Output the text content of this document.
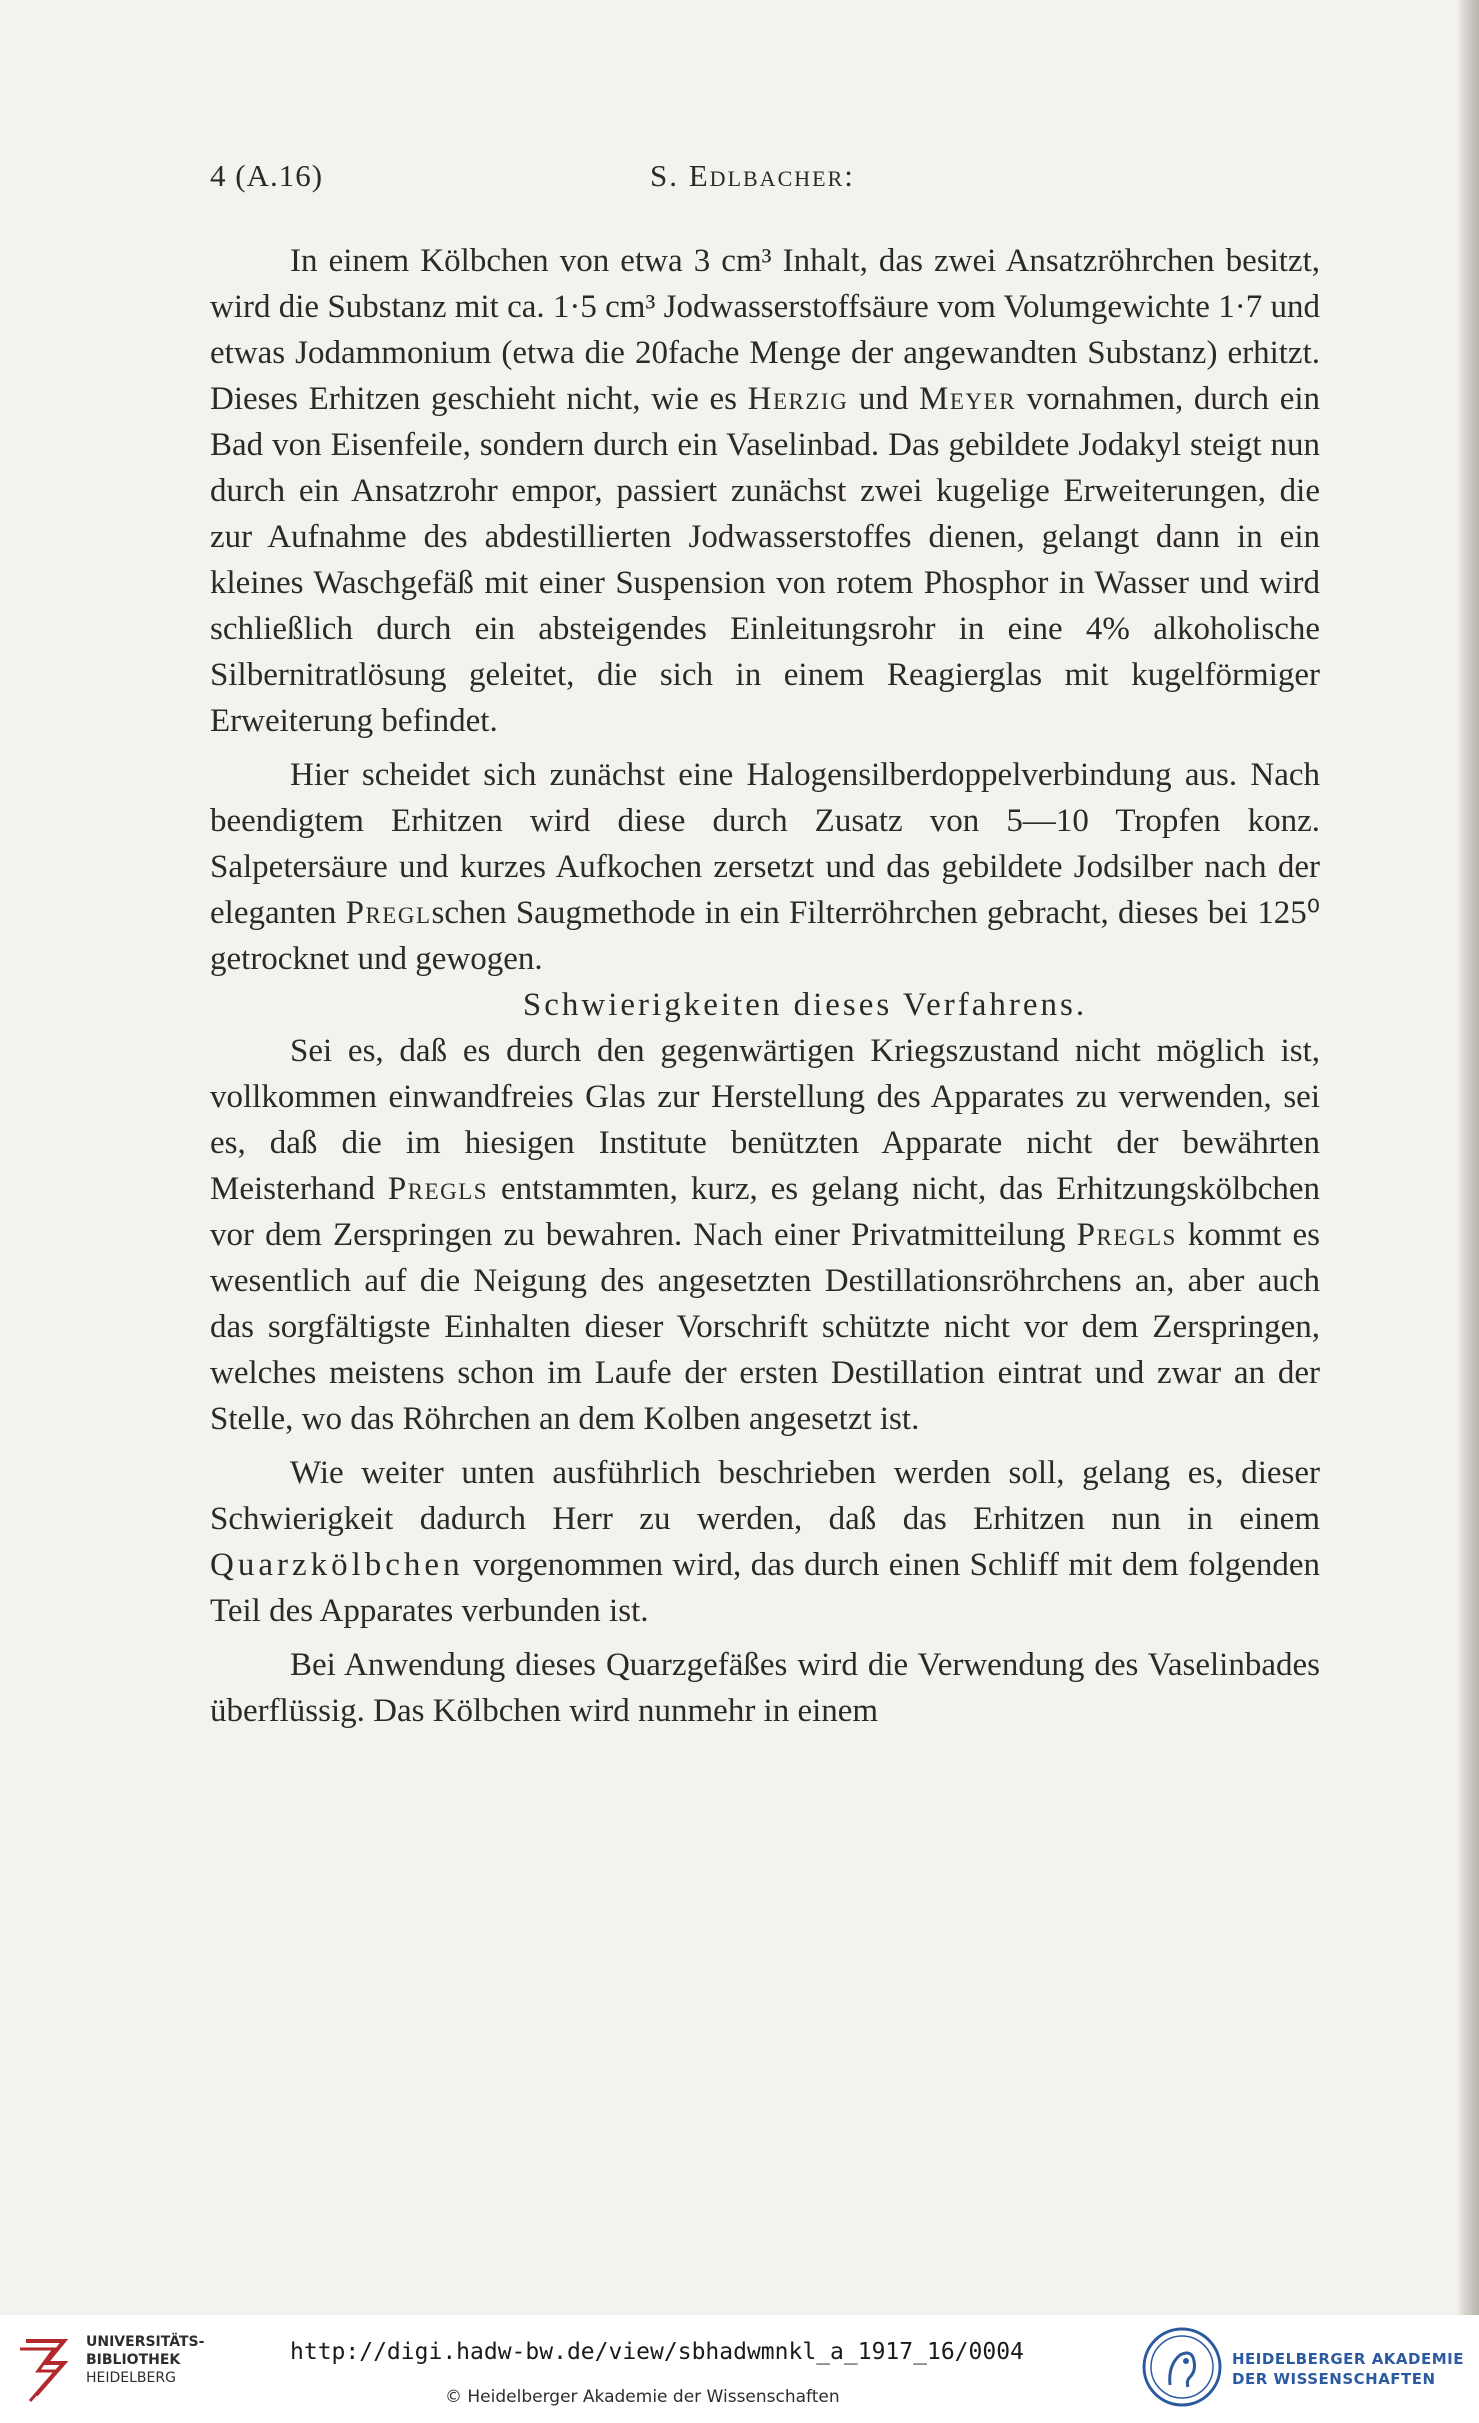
4 (A.16)	S. Edlbacher:

In einem Kölbchen von etwa 3 cm³ Inhalt, das zwei Ansatzröhrchen besitzt, wird die Substanz mit ca. 1·5 cm³ Jodwasserstoffsäure vom Volumgewichte 1·7 und etwas Jodammonium (etwa die 20fache Menge der angewandten Substanz) erhitzt. Dieses Erhitzen geschieht nicht, wie es Herzig und Meyer vornahmen, durch ein Bad von Eisenfeile, sondern durch ein Vaselinbad. Das gebildete Jodakyl steigt nun durch ein Ansatzrohr empor, passiert zunächst zwei kugelige Erweiterungen, die zur Aufnahme des abdestillierten Jodwasserstoffes dienen, gelangt dann in ein kleines Waschgefäß mit einer Suspension von rotem Phosphor in Wasser und wird schließlich durch ein absteigendes Einleitungsrohr in eine 4% alkoholische Silbernitratlösung geleitet, die sich in einem Reagierglas mit kugelförmiger Erweiterung befindet.

Hier scheidet sich zunächst eine Halogensilberdoppelverbindung aus. Nach beendigtem Erhitzen wird diese durch Zusatz von 5—10 Tropfen konz. Salpetersäure und kurzes Aufkochen zersetzt und das gebildete Jodsilber nach der eleganten Preglschen Saugmethode in ein Filterröhrchen gebracht, dieses bei 125⁰ getrocknet und gewogen.

Schwierigkeiten dieses Verfahrens.

Sei es, daß es durch den gegenwärtigen Kriegszustand nicht möglich ist, vollkommen einwandfreies Glas zur Herstellung des Apparates zu verwenden, sei es, daß die im hiesigen Institute benützten Apparate nicht der bewährten Meisterhand Pregls entstammten, kurz, es gelang nicht, das Erhitzungskölbchen vor dem Zerspringen zu bewahren. Nach einer Privatmitteilung Pregls kommt es wesentlich auf die Neigung des angesetzten Destillationsröhrchens an, aber auch das sorgfältigste Einhalten dieser Vorschrift schützte nicht vor dem Zerspringen, welches meistens schon im Laufe der ersten Destillation eintrat und zwar an der Stelle, wo das Röhrchen an dem Kolben angesetzt ist.

Wie weiter unten ausführlich beschrieben werden soll, gelang es, dieser Schwierigkeit dadurch Herr zu werden, daß das Erhitzen nun in einem Quarzkölbchen vorgenommen wird, das durch einen Schliff mit dem folgenden Teil des Apparates verbunden ist.

Bei Anwendung dieses Quarzgefäßes wird die Verwendung des Vaselinbades überflüssig. Das Kölbchen wird nunmehr in einem

UNIVERSITÄTS-
BIBLIOTHEK
HEIDELBERG
http://digi.hadw-bw.de/view/sbhadwmnkl_a_1917_16/0004
© Heidelberger Akademie der Wissenschaften
HEIDELBERGER AKADEMIE
DER WISSENSCHAFTEN
